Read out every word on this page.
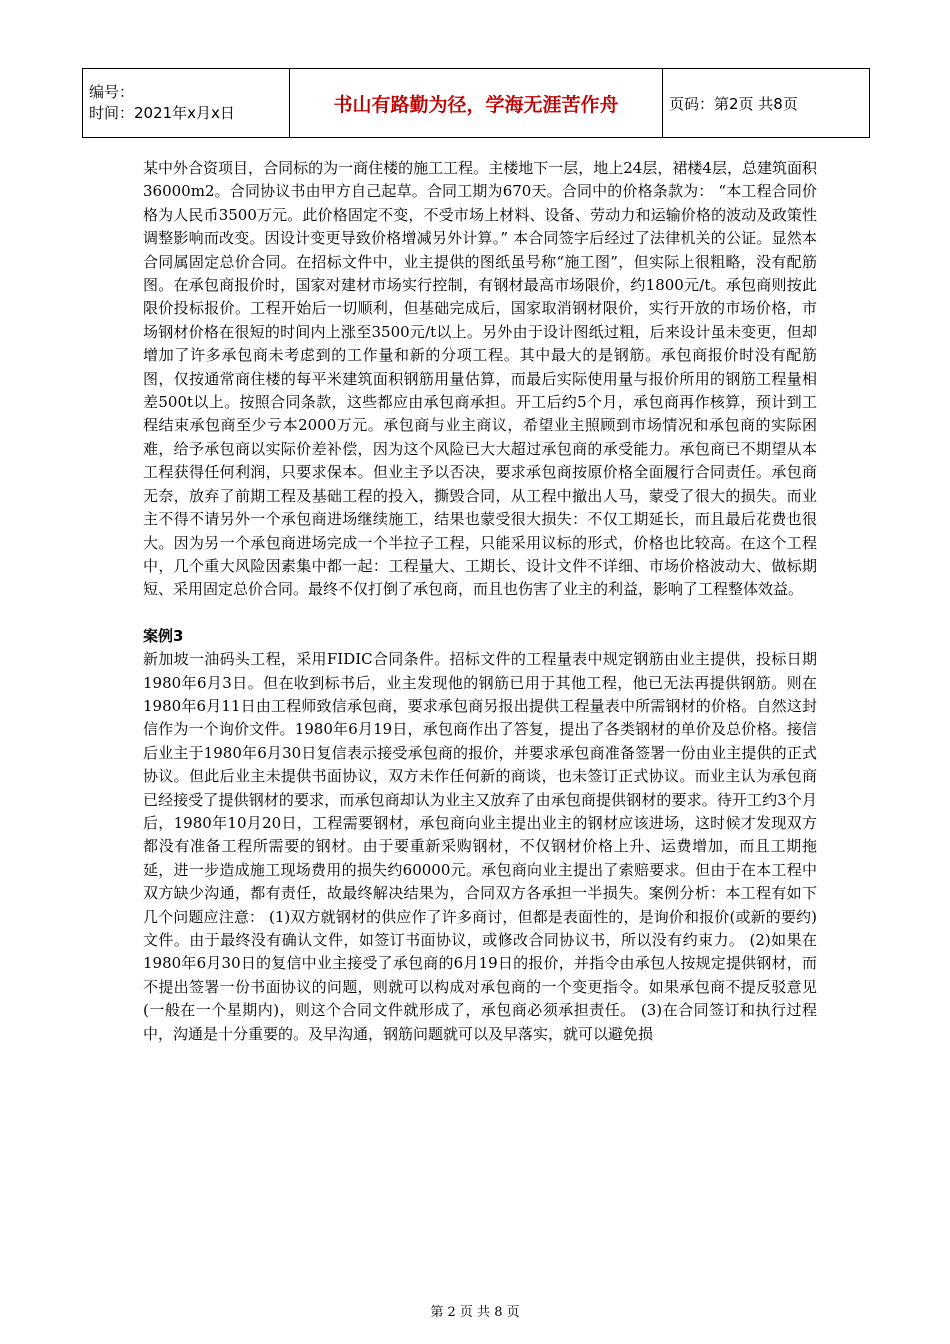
编号：
时间：2021年x月x日	书山有路勤为径，学海无涯苦作舟	页码：第2页 共8页

某中外合资项目，合同标的为一商住楼的施工工程。主楼地下一层，地上24层，裙楼4层，总建筑面积36000m2。合同协议书由甲方自己起草。合同工期为670天。合同中的价格条款为： “本工程合同价格为人民币3500万元。此价格固定不变，不受市场上材料、设备、劳动力和运输价格的波动及政策性调整影响而改变。因设计变更导致价格增减另外计算。” 本合同签字后经过了法律机关的公证。显然本合同属固定总价合同。在招标文件中，业主提供的图纸虽号称“施工图”，但实际上很粗略，没有配筋图。在承包商报价时，国家对建材市场实行控制，有钢材最高市场限价，约1800元/t。承包商则按此限价投标报价。工程开始后一切顺利，但基础完成后，国家取消钢材限价，实行开放的市场价格，市场钢材价格在很短的时间内上涨至3500元/t以上。另外由于设计图纸过粗，后来设计虽未变更，但却增加了许多承包商未考虑到的工作量和新的分项工程。其中最大的是钢筋。承包商报价时没有配筋图，仅按通常商住楼的每平米建筑面积钢筋用量估算，而最后实际使用量与报价所用的钢筋工程量相差500t以上。按照合同条款，这些都应由承包商承担。开工后约5个月，承包商再作核算，预计到工程结束承包商至少亏本2000万元。承包商与业主商议，希望业主照顾到市场情况和承包商的实际困难，给予承包商以实际价差补偿，因为这个风险已大大超过承包商的承受能力。承包商已不期望从本工程获得任何利润，只要求保本。但业主予以否决，要求承包商按原价格全面履行合同责任。承包商无奈，放弃了前期工程及基础工程的投入，撕毁合同，从工程中撤出人马，蒙受了很大的损失。而业主不得不请另外一个承包商进场继续施工，结果也蒙受很大损失：不仅工期延长，而且最后花费也很大。因为另一个承包商进场完成一个半拉子工程，只能采用议标的形式，价格也比较高。在这个工程中，几个重大风险因素集中都一起：工程量大、工期长、设计文件不详细、市场价格波动大、做标期短、采用固定总价合同。最终不仅打倒了承包商，而且也伤害了业主的利益，影响了工程整体效益。

案例3

新加坡一油码头工程，采用FIDIC合同条件。招标文件的工程量表中规定钢筋由业主提供，投标日期1980年6月3日。但在收到标书后，业主发现他的钢筋已用于其他工程，他已无法再提供钢筋。则在1980年6月11日由工程师致信承包商，要求承包商另报出提供工程量表中所需钢材的价格。自然这封信作为一个询价文件。1980年6月19日，承包商作出了答复，提出了各类钢材的单价及总价格。接信后业主于1980年6月30日复信表示接受承包商的报价，并要求承包商准备签署一份由业主提供的正式协议。但此后业主未提供书面协议，双方未作任何新的商谈，也未签订正式协议。而业主认为承包商已经接受了提供钢材的要求，而承包商却认为业主又放弃了由承包商提供钢材的要求。待开工约3个月后，1980年10月20日，工程需要钢材，承包商向业主提出业主的钢材应该进场，这时候才发现双方都没有准备工程所需要的钢材。由于要重新采购钢材，不仅钢材价格上升、运费增加，而且工期拖延，进一步造成施工现场费用的损失约60000元。承包商向业主提出了索赔要求。但由于在本工程中双方缺少沟通，都有责任，故最终解决结果为，合同双方各承担一半损失。案例分析：本工程有如下几个问题应注意： (1)双方就钢材的供应作了许多商讨，但都是表面性的，是询价和报价(或新的要约)文件。由于最终没有确认文件，如签订书面协议，或修改合同协议书，所以没有约束力。 (2)如果在1980年6月30日的复信中业主接受了承包商的6月19日的报价，并指令由承包人按规定提供钢材，而不提出签署一份书面协议的问题，则就可以构成对承包商的一个变更指令。如果承包商不提反驳意见(一般在一个星期内)，则这个合同文件就形成了，承包商必须承担责任。 (3)在合同签订和执行过程中，沟通是十分重要的。及早沟通，钢筋问题就可以及早落实，就可以避免损

第 2 页 共 8 页
